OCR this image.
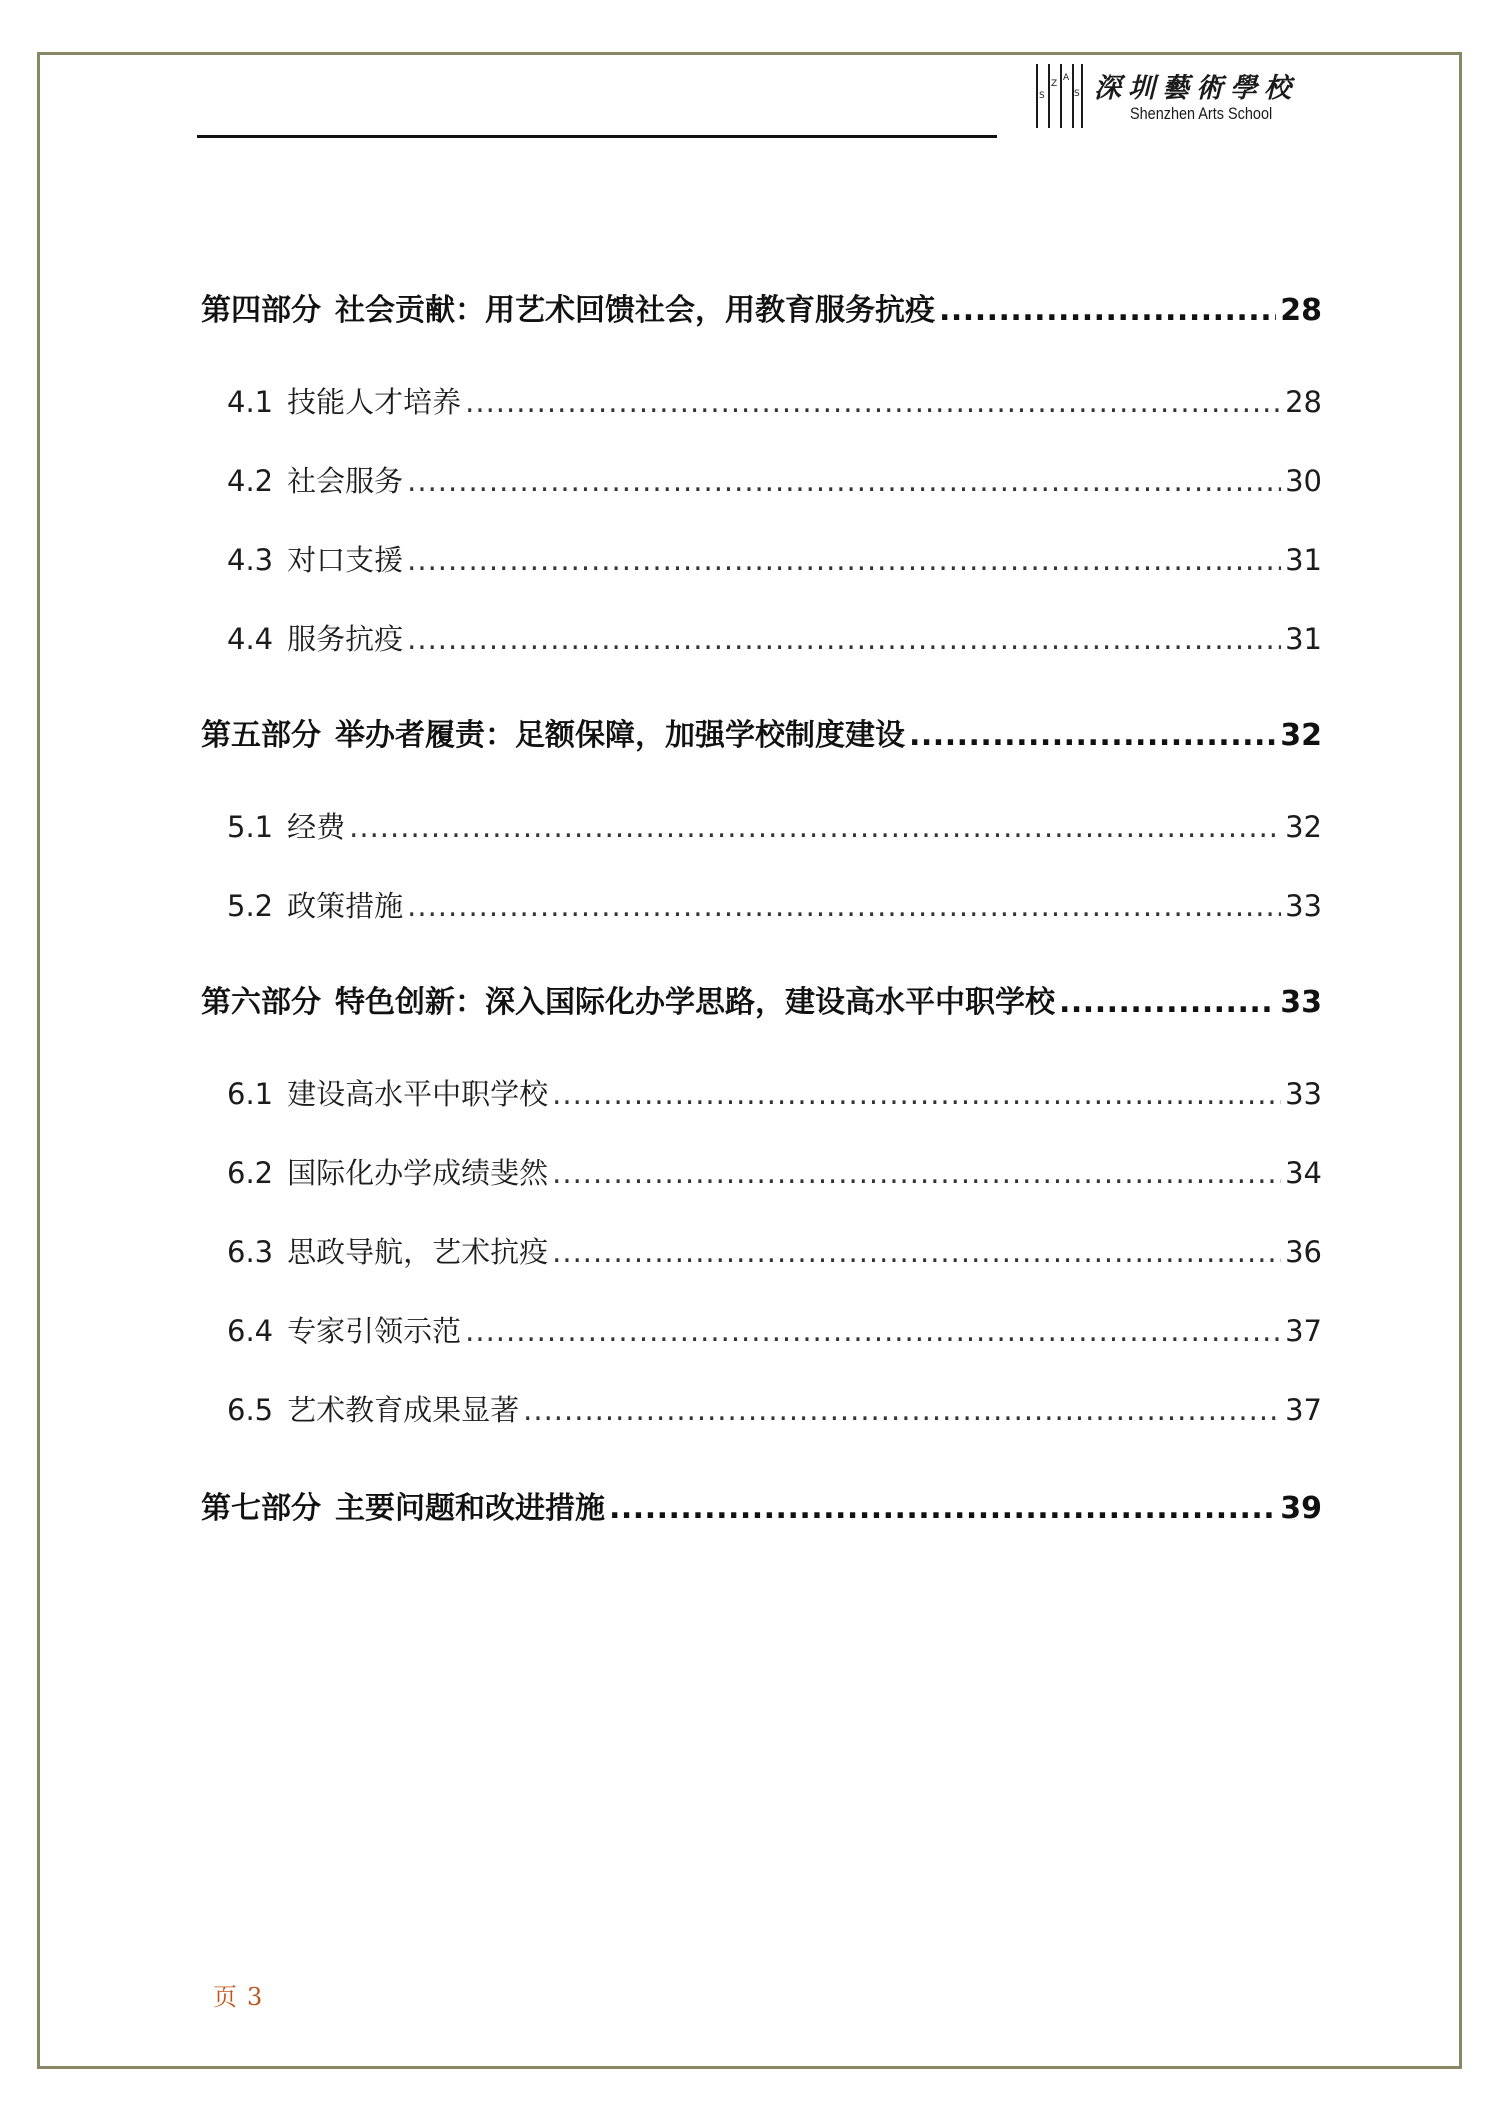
S
Z
A
S 深圳藝術學校
Shenzhen Arts School
第四部分 社会贡献：用艺术回馈社会，用教育服务抗疫 .....	28
4.1 技能人才培养 .....	28
4.2 社会服务 .....	30
4.3 对口支援 .....	31
4.4 服务抗疫 .....	31
第五部分 举办者履责：足额保障，加强学校制度建设 .....	32
5.1 经费 .....	32
5.2 政策措施 .....	33
第六部分 特色创新：深入国际化办学思路，建设高水平中职学校 .....	33
6.1 建设高水平中职学校 .....	33
6.2 国际化办学成绩斐然 .....	34
6.3 思政导航，艺术抗疫 .....	36
6.4 专家引领示范 .....	37
6.5 艺术教育成果显著 .....	37
第七部分 主要问题和改进措施 .....	39
页 3
